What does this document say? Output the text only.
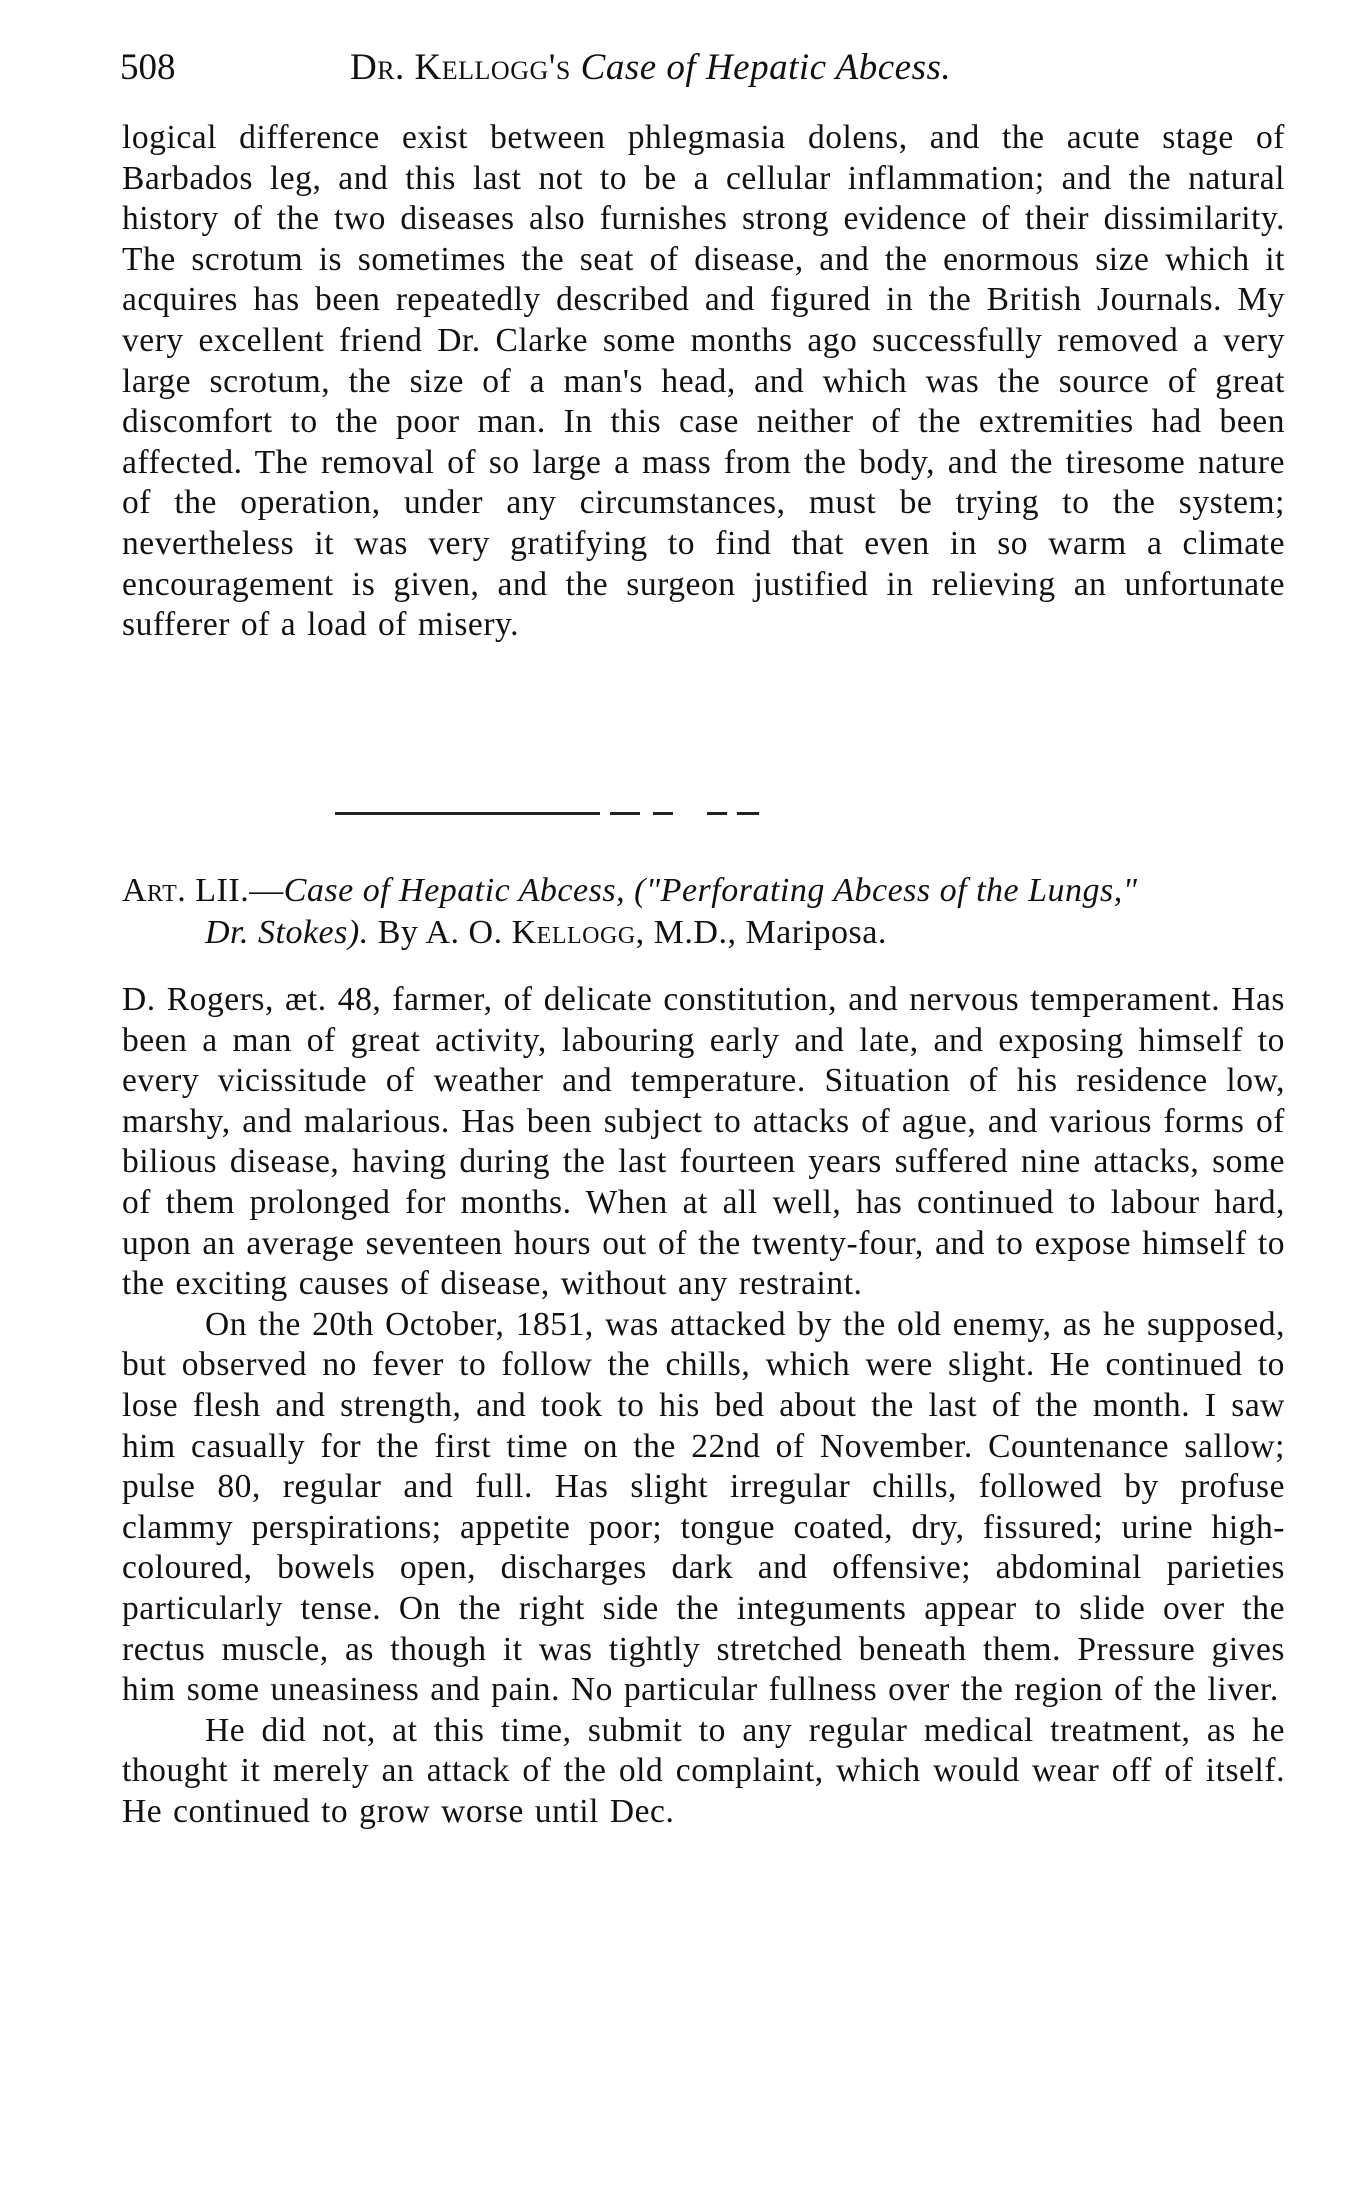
508	Dr. Kellogg's Case of Hepatic Abcess.

logical difference exist between phlegmasia dolens, and the acute stage of Barbados leg, and this last not to be a cellular inflammation; and the natural history of the two diseases also furnishes strong evidence of their dissimilarity. The scrotum is sometimes the seat of disease, and the enormous size which it acquires has been repeatedly described and figured in the British Journals. My very excellent friend Dr. Clarke some months ago successfully removed a very large scrotum, the size of a man's head, and which was the source of great discomfort to the poor man. In this case neither of the extremities had been affected. The removal of so large a mass from the body, and the tiresome nature of the operation, under any circumstances, must be trying to the system; nevertheless it was very gratifying to find that even in so warm a climate encouragement is given, and the surgeon justified in relieving an unfortunate sufferer of a load of misery.

Art. LII.—Case of Hepatic Abcess, ("Perforating Abcess of the Lungs,"
Dr. Stokes). By A. O. Kellogg, M.D., Mariposa.

D. Rogers, æt. 48, farmer, of delicate constitution, and nervous temperament. Has been a man of great activity, labouring early and late, and exposing himself to every vicissitude of weather and temperature. Situation of his residence low, marshy, and malarious. Has been subject to attacks of ague, and various forms of bilious disease, having during the last fourteen years suffered nine attacks, some of them prolonged for months. When at all well, has continued to labour hard, upon an average seventeen hours out of the twenty-four, and to expose himself to the exciting causes of disease, without any restraint.

On the 20th October, 1851, was attacked by the old enemy, as he supposed, but observed no fever to follow the chills, which were slight. He continued to lose flesh and strength, and took to his bed about the last of the month. I saw him casually for the first time on the 22nd of November. Countenance sallow; pulse 80, regular and full. Has slight irregular chills, followed by profuse clammy perspirations; appetite poor; tongue coated, dry, fissured; urine high-coloured, bowels open, discharges dark and offensive; abdominal parieties particularly tense. On the right side the integuments appear to slide over the rectus muscle, as though it was tightly stretched beneath them. Pressure gives him some uneasiness and pain. No particular fullness over the region of the liver.

He did not, at this time, submit to any regular medical treatment, as he thought it merely an attack of the old complaint, which would wear off of itself. He continued to grow worse until Dec.
